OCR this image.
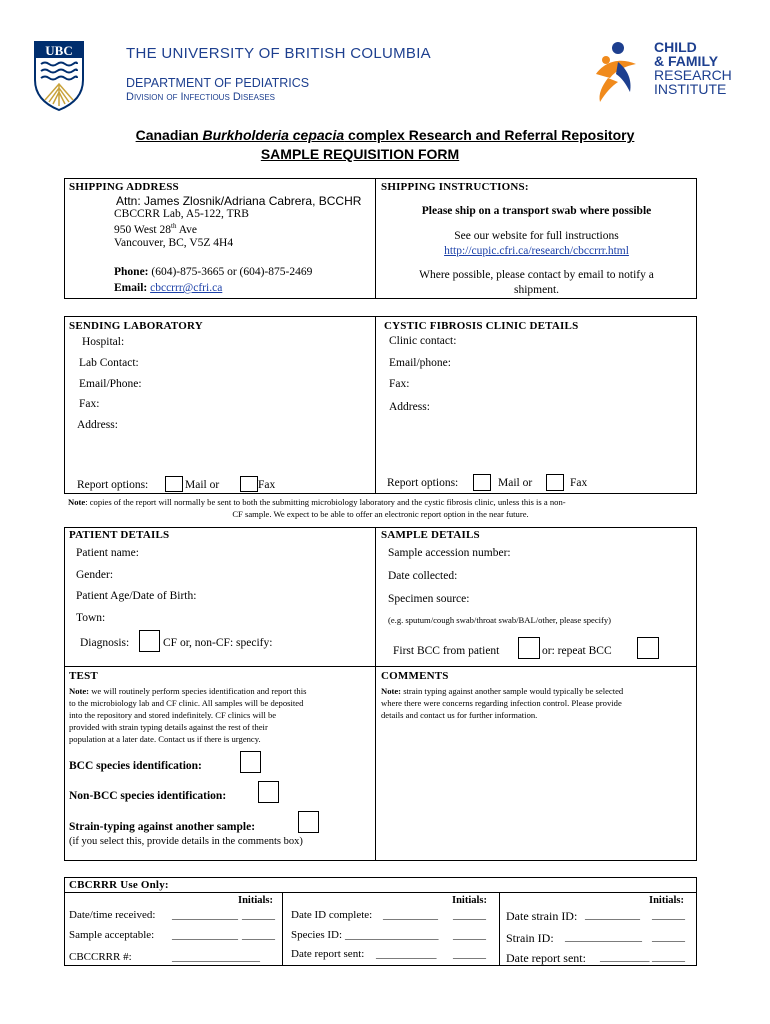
UBC	THE UNIVERSITY OF BRITISH COLUMBIA
DEPARTMENT OF PEDIATRICS
Division of Infectious Diseases
CHILD
& FAMILY
RESEARCH
INSTITUTE
Canadian Burkholderia cepacia complex Research and Referral Repository
SAMPLE REQUISITION FORM
SHIPPING ADDRESS
Attn: James Zlosnik/Adriana Cabrera, BCCHR
CBCCRR Lab, A5-122, TRB
950 West 28th Ave
Vancouver, BC, V5Z 4H4
Phone: (604)-875-3665 or (604)-875-2469
Email: cbccrrr@cfri.ca
SHIPPING INSTRUCTIONS:
Please ship on a transport swab where possible
See our website for full instructions
http://cupic.cfri.ca/research/cbccrrr.html
Where possible, please contact by email to notify a
shipment.
SENDING LABORATORY
Hospital:
Lab Contact:
Email/Phone:
Fax:
Address:
Report options:	Mail or	Fax
CYSTIC FIBROSIS CLINIC DETAILS
Clinic contact:
Email/phone:
Fax:
Address:
Report options:	Mail or	Fax
Note: copies of the report will normally be sent to both the submitting microbiology laboratory and the cystic fibrosis clinic, unless this is a non-
CF sample. We expect to be able to offer an electronic report option in the near future.
PATIENT DETAILS
Patient name:
Gender:
Patient Age/Date of Birth:
Town:
Diagnosis:	CF or, non-CF: specify:
SAMPLE DETAILS
Sample accession number:
Date collected:
Specimen source:
(e.g. sputum/cough swab/throat swab/BAL/other, please specify)
First BCC from patient	or: repeat BCC
TEST
Note: we will routinely perform species identification and report this
to the microbiology lab and CF clinic. All samples will be deposited
into the repository and stored indefinitely. CF clinics will be
provided with strain typing details against the rest of their
population at a later date. Contact us if there is urgency.
BCC species identification:
Non-BCC species identification:
Strain-typing against another sample:
(if you select this, provide details in the comments box)
COMMENTS
Note: strain typing against another sample would typically be selected
where there were concerns regarding infection control. Please provide
details and contact us for further information.
CBCRRR Use Only:
Initials:	Initials:	Initials:
Date/time received: ____________ ______
Sample acceptable: ____________ ______
CBCCRRR #:	________________
Date ID complete: __________ ______
Species ID: _________________ ______
Date report sent: ___________ ______
Date strain ID: __________ ______
Strain ID: ______________ ______
Date report sent: _________ ______
